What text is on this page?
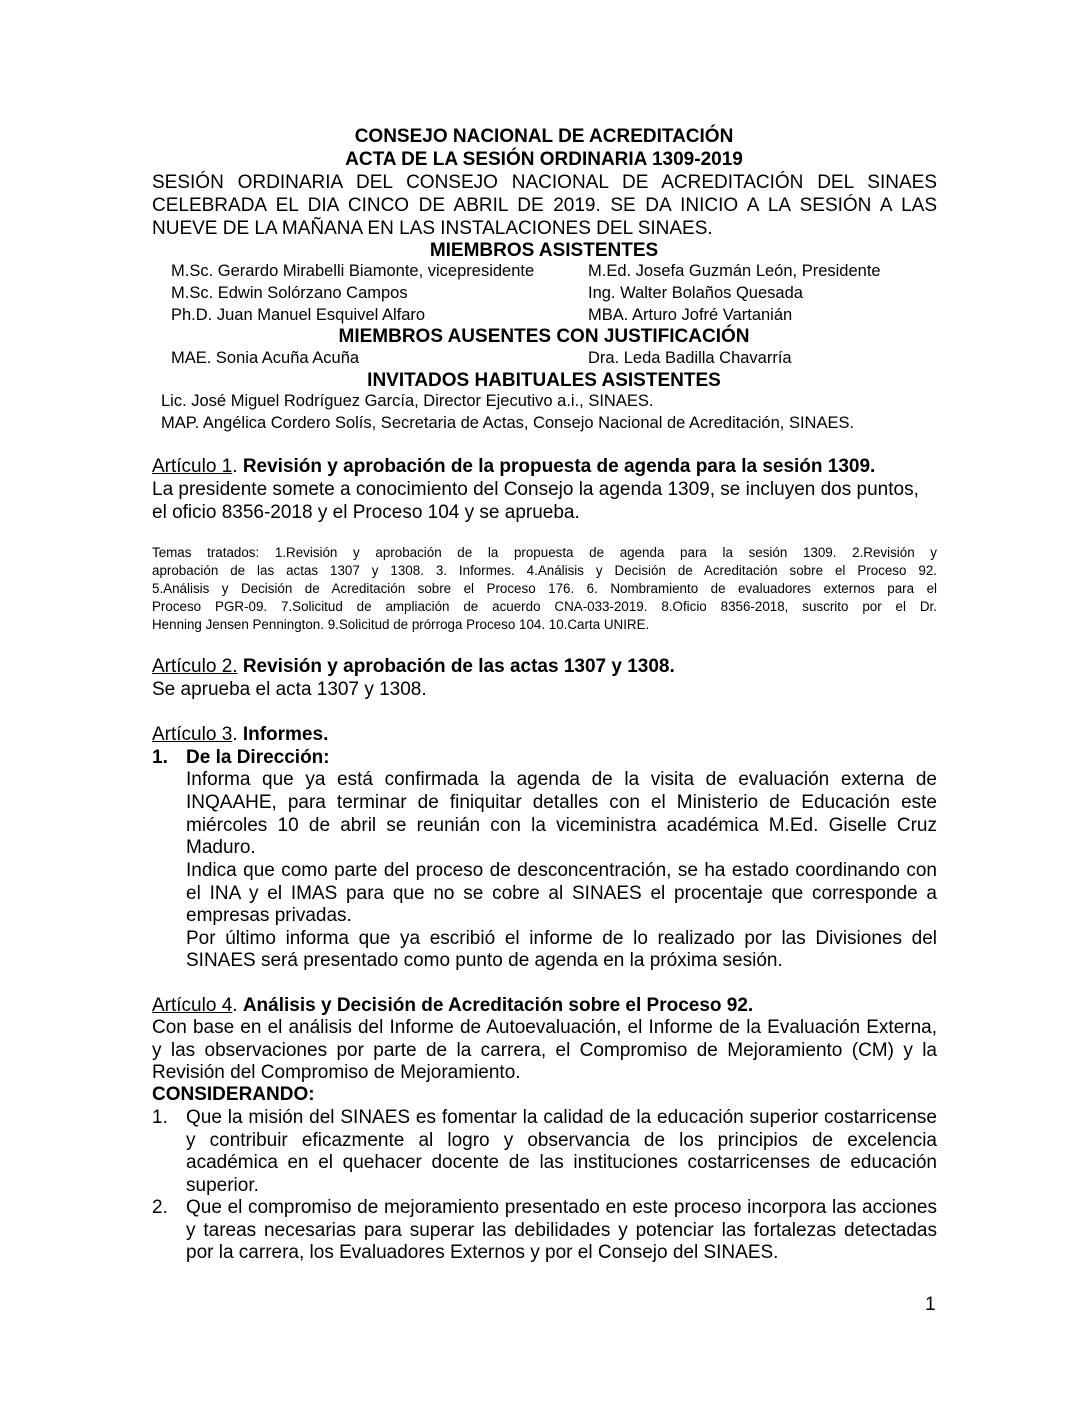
CONSEJO NACIONAL DE ACREDITACIÓN
ACTA DE LA SESIÓN ORDINARIA 1309-2019
SESIÓN ORDINARIA DEL CONSEJO NACIONAL DE ACREDITACIÓN DEL SINAES
CELEBRADA EL DIA CINCO DE ABRIL DE 2019. SE DA INICIO A LA SESIÓN A LAS
NUEVE DE LA MAÑANA EN LAS INSTALACIONES DEL SINAES.
MIEMBROS ASISTENTES
M.Sc. Gerardo Mirabelli Biamonte, vicepresidente	M.Ed. Josefa Guzmán León, Presidente
M.Sc. Edwin Solórzano Campos	Ing. Walter Bolaños Quesada
Ph.D. Juan Manuel Esquivel Alfaro	MBA. Arturo Jofré Vartanián
MIEMBROS AUSENTES CON JUSTIFICACIÓN
MAE. Sonia Acuña Acuña	Dra. Leda Badilla Chavarría
INVITADOS HABITUALES ASISTENTES
Lic. José Miguel Rodríguez García, Director Ejecutivo a.i., SINAES.
MAP. Angélica Cordero Solís, Secretaria de Actas, Consejo Nacional de Acreditación, SINAES.
Artículo 1. Revisión y aprobación de la propuesta de agenda para la sesión 1309.
La presidente somete a conocimiento del Consejo la agenda 1309, se incluyen dos puntos,
el oficio 8356-2018 y el Proceso 104 y se aprueba.
Temas tratados: 1.Revisión y aprobación de la propuesta de agenda para la sesión 1309. 2.Revisión y
aprobación de las actas 1307 y 1308. 3. Informes. 4.Análisis y Decisión de Acreditación sobre el Proceso 92.
5.Análisis y Decisión de Acreditación sobre el Proceso 176. 6. Nombramiento de evaluadores externos para el
Proceso PGR-09. 7.Solicitud de ampliación de acuerdo CNA-033-2019. 8.Oficio 8356-2018, suscrito por el Dr.
Henning Jensen Pennington. 9.Solicitud de prórroga Proceso 104. 10.Carta UNIRE.
Artículo 2. Revisión y aprobación de las actas 1307 y 1308.
Se aprueba el acta 1307 y 1308.
Artículo 3. Informes.
1. De la Dirección:
Informa que ya está confirmada la agenda de la visita de evaluación externa de
INQAAHE, para terminar de finiquitar detalles con el Ministerio de Educación este
miércoles 10 de abril se reunián con la viceministra académica M.Ed. Giselle Cruz
Maduro.
Indica que como parte del proceso de desconcentración, se ha estado coordinando con
el INA y el IMAS para que no se cobre al SINAES el procentaje que corresponde a
empresas privadas.
Por último informa que ya escribió el informe de lo realizado por las Divisiones del
SINAES será presentado como punto de agenda en la próxima sesión.
Artículo 4. Análisis y Decisión de Acreditación sobre el Proceso 92.
Con base en el análisis del Informe de Autoevaluación, el Informe de la Evaluación Externa,
y las observaciones por parte de la carrera, el Compromiso de Mejoramiento (CM) y la
Revisión del Compromiso de Mejoramiento.
CONSIDERANDO:
1. Que la misión del SINAES es fomentar la calidad de la educación superior costarricense
y contribuir eficazmente al logro y observancia de los principios de excelencia
académica en el quehacer docente de las instituciones costarricenses de educación
superior.
2. Que el compromiso de mejoramiento presentado en este proceso incorpora las acciones
y tareas necesarias para superar las debilidades y potenciar las fortalezas detectadas
por la carrera, los Evaluadores Externos y por el Consejo del SINAES.
1
